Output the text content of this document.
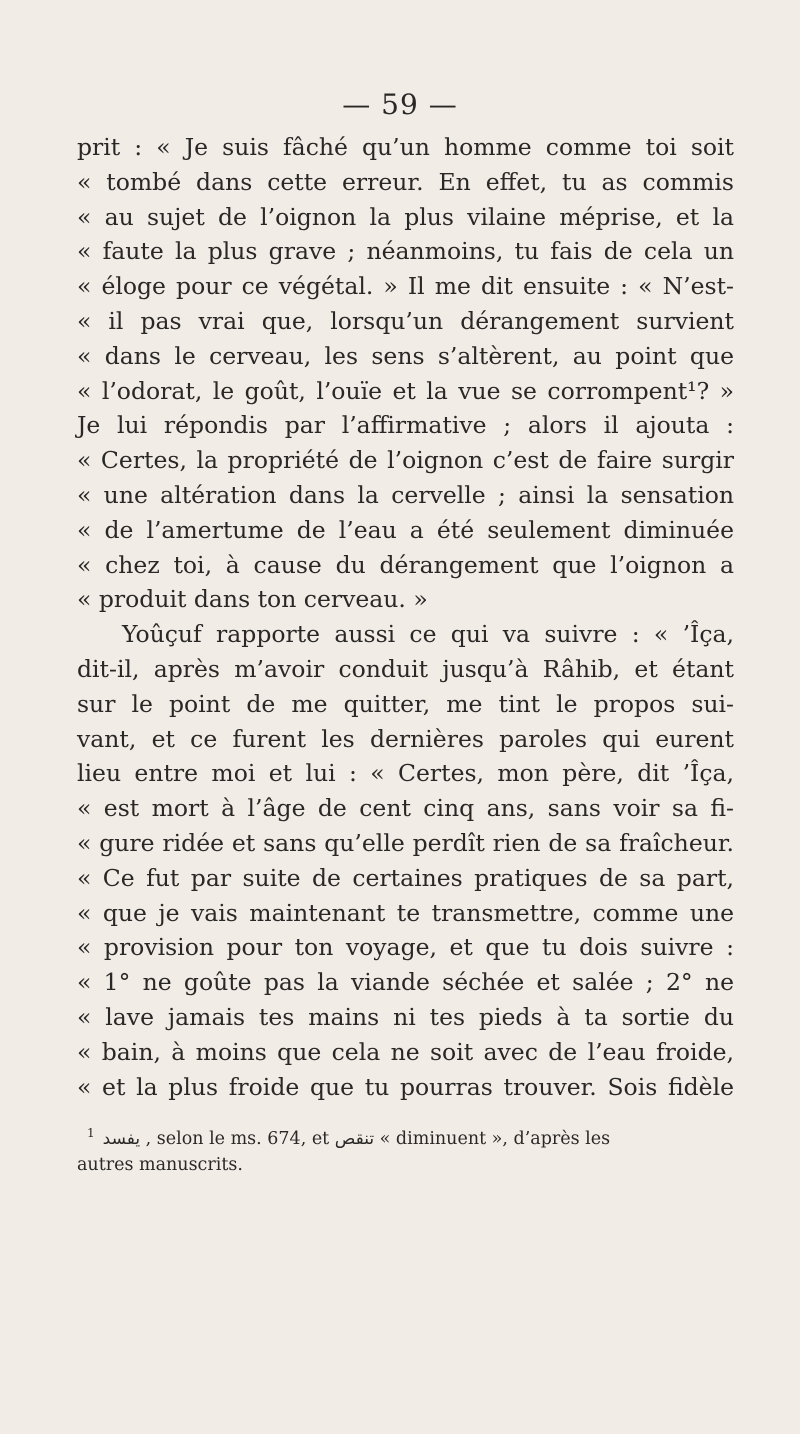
— 59 —
prit : « Je suis fâché qu’un homme comme toi soit
« tombé dans cette erreur. En effet, tu as commis
« au sujet de l’oignon la plus vilaine méprise, et la
« faute la plus grave ; néanmoins, tu fais de cela un
« éloge pour ce végétal. » Il me dit ensuite : « N’est-
« il pas vrai que, lorsqu’un dérangement survient
« dans le cerveau, les sens s’altèrent, au point que
« l’odorat, le goût, l’ouïe et la vue se corrompent¹? »
Je lui répondis par l’affirmative ; alors il ajouta :
« Certes, la propriété de l’oignon c’est de faire surgir
« une altération dans la cervelle ; ainsi la sensation
« de l’amertume de l’eau a été seulement diminuée
« chez toi, à cause du dérangement que l’oignon a
« produit dans ton cerveau. »
Yoûçuf rapporte aussi ce qui va suivre : « ’Îça,
dit-il, après m’avoir conduit jusqu’à Râhib, et étant
sur le point de me quitter, me tint le propos sui-
vant, et ce furent les dernières paroles qui eurent
lieu entre moi et lui : « Certes, mon père, dit ’Îça,
« est mort à l’âge de cent cinq ans, sans voir sa fi-
« gure ridée et sans qu’elle perdît rien de sa fraîcheur.
« Ce fut par suite de certaines pratiques de sa part,
« que je vais maintenant te transmettre, comme une
« provision pour ton voyage, et que tu dois suivre :
« 1° ne goûte pas la viande séchée et salée ; 2° ne
« lave jamais tes mains ni tes pieds à ta sortie du
« bain, à moins que cela ne soit avec de l’eau froide,
« et la plus froide que tu pourras trouver. Sois fidèle
$^1$ يفسد , selon le ms. 674, et تنقص « diminuent », d’après les
autres manuscrits.
